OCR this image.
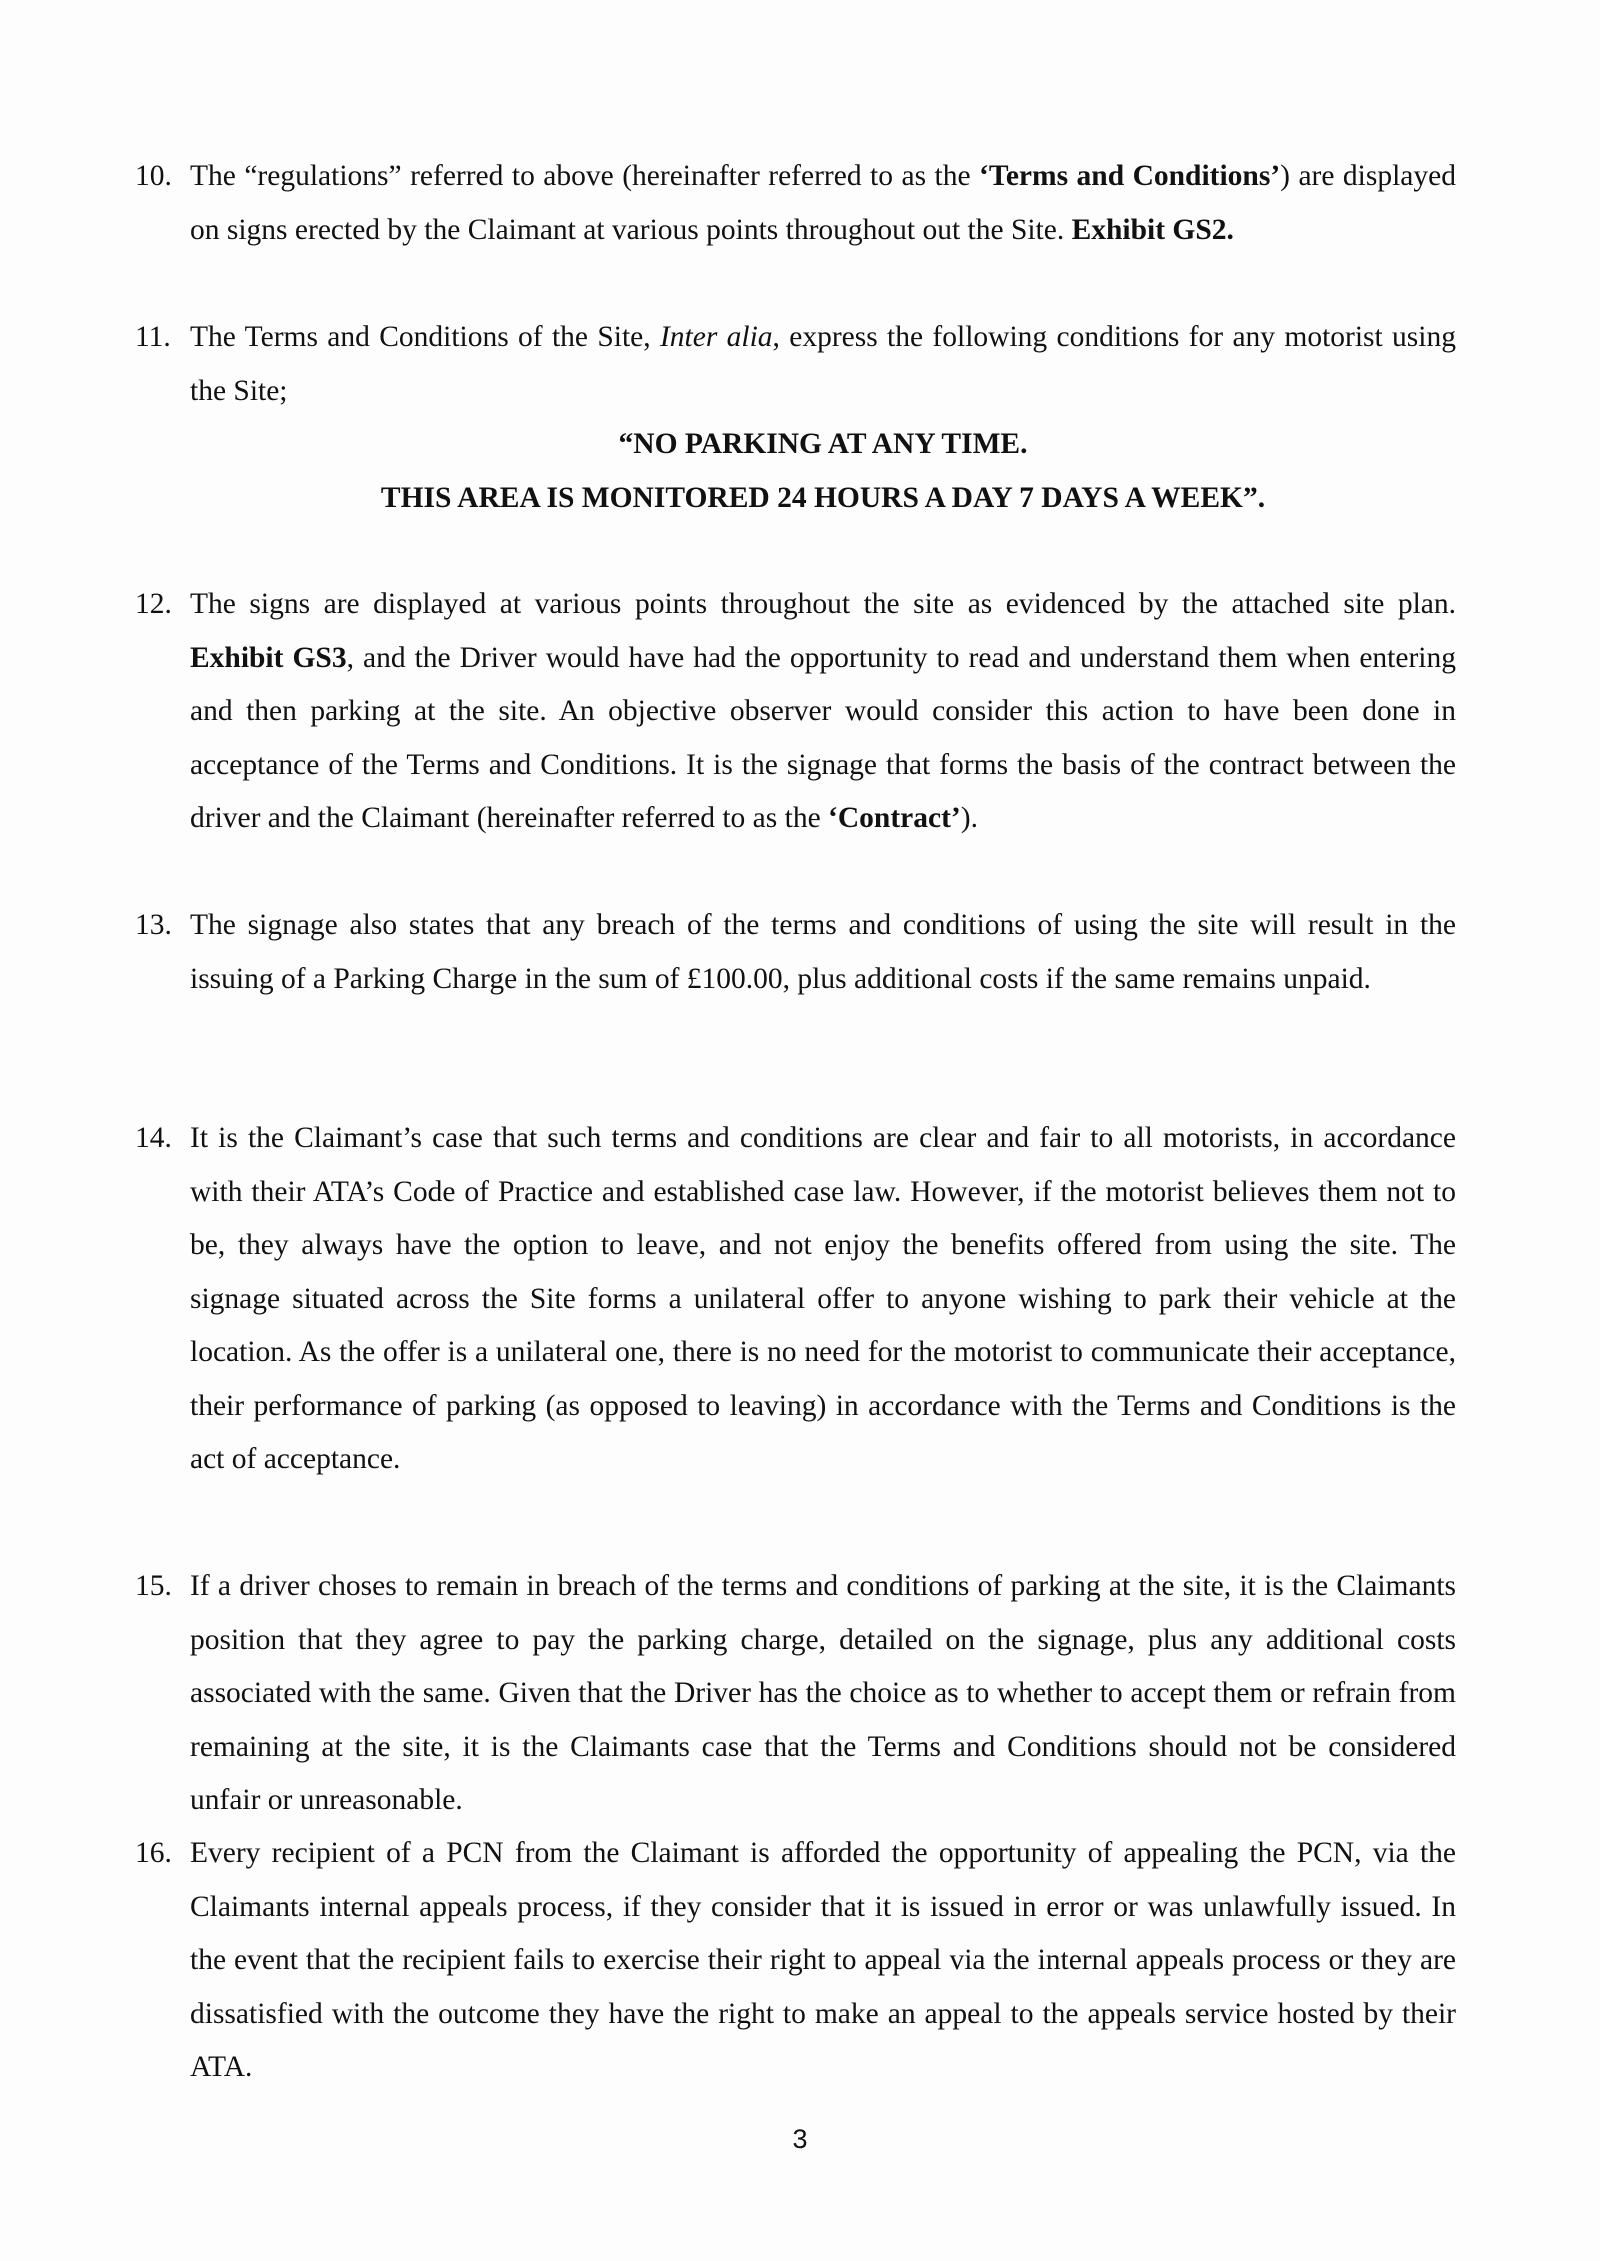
10. The “regulations” referred to above (hereinafter referred to as the ‘Terms and Conditions’) are displayed on signs erected by the Claimant at various points throughout out the Site. Exhibit GS2.
11. The Terms and Conditions of the Site, Inter alia, express the following conditions for any motorist using the Site;
“NO PARKING AT ANY TIME.
THIS AREA IS MONITORED 24 HOURS A DAY 7 DAYS A WEEK”.
12. The signs are displayed at various points throughout the site as evidenced by the attached site plan. Exhibit GS3, and the Driver would have had the opportunity to read and understand them when entering and then parking at the site. An objective observer would consider this action to have been done in acceptance of the Terms and Conditions. It is the signage that forms the basis of the contract between the driver and the Claimant (hereinafter referred to as the ‘Contract’).
13. The signage also states that any breach of the terms and conditions of using the site will result in the issuing of a Parking Charge in the sum of £100.00, plus additional costs if the same remains unpaid.
14. It is the Claimant’s case that such terms and conditions are clear and fair to all motorists, in accordance with their ATA’s Code of Practice and established case law. However, if the motorist believes them not to be, they always have the option to leave, and not enjoy the benefits offered from using the site. The signage situated across the Site forms a unilateral offer to anyone wishing to park their vehicle at the location. As the offer is a unilateral one, there is no need for the motorist to communicate their acceptance, their performance of parking (as opposed to leaving) in accordance with the Terms and Conditions is the act of acceptance.
15. If a driver choses to remain in breach of the terms and conditions of parking at the site, it is the Claimants position that they agree to pay the parking charge, detailed on the signage, plus any additional costs associated with the same. Given that the Driver has the choice as to whether to accept them or refrain from remaining at the site, it is the Claimants case that the Terms and Conditions should not be considered unfair or unreasonable.
16. Every recipient of a PCN from the Claimant is afforded the opportunity of appealing the PCN, via the Claimants internal appeals process, if they consider that it is issued in error or was unlawfully issued. In the event that the recipient fails to exercise their right to appeal via the internal appeals process or they are dissatisfied with the outcome they have the right to make an appeal to the appeals service hosted by their ATA.
3
